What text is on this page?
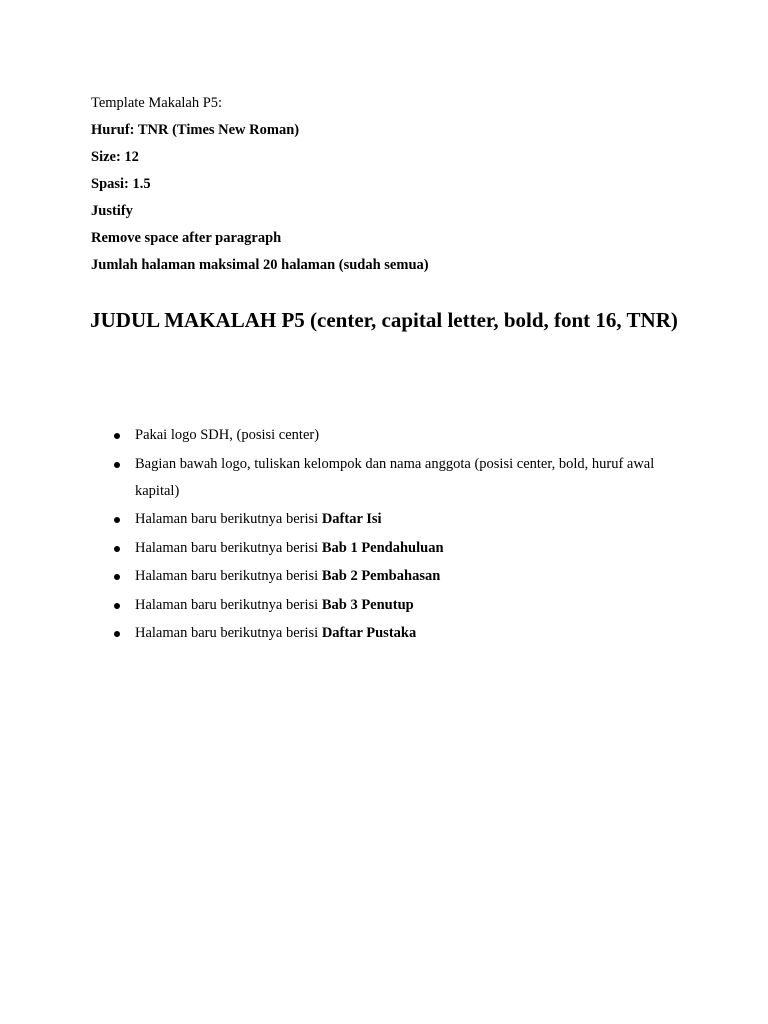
Template Makalah P5:
Huruf: TNR (Times New Roman)
Size: 12
Spasi: 1.5
Justify
Remove space after paragraph
Jumlah halaman maksimal 20 halaman (sudah semua)
JUDUL MAKALAH P5 (center, capital letter, bold, font 16, TNR)
Pakai logo SDH, (posisi center)
Bagian bawah logo, tuliskan kelompok dan nama anggota (posisi center, bold, huruf awal kapital)
Halaman baru berikutnya berisi Daftar Isi
Halaman baru berikutnya berisi Bab 1 Pendahuluan
Halaman baru berikutnya berisi Bab 2 Pembahasan
Halaman baru berikutnya berisi Bab 3 Penutup
Halaman baru berikutnya berisi Daftar Pustaka
